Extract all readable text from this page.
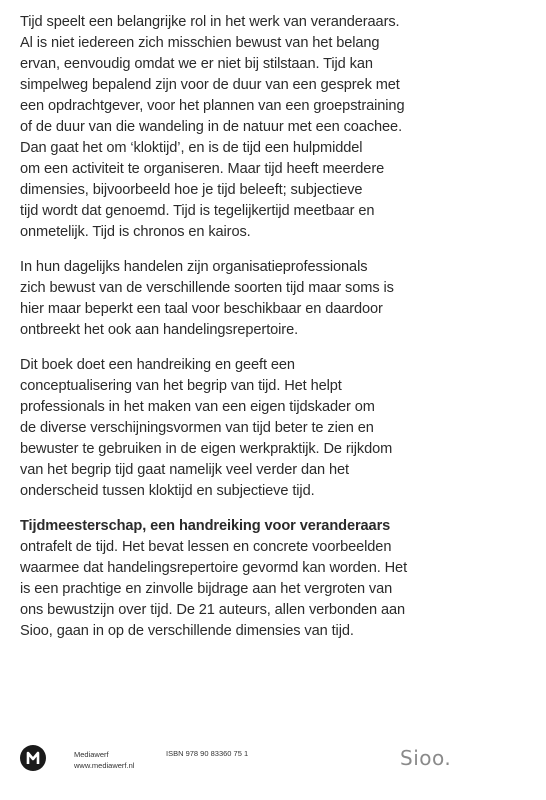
Tijd speelt een belangrijke rol in het werk van veranderaars.
Al is niet iedereen zich misschien bewust van het belang
ervan, eenvoudig omdat we er niet bij stilstaan. Tijd kan
simpelweg bepalend zijn voor de duur van een gesprek met
een opdrachtgever, voor het plannen van een groepstraining
of de duur van die wandeling in de natuur met een coachee.
Dan gaat het om ‘kloktijd’, en is de tijd een hulpmiddel
om een activiteit te organiseren. Maar tijd heeft meerdere
dimensies, bijvoorbeeld hoe je tijd beleeft; subjectieve
tijd wordt dat genoemd. Tijd is tegelijkertijd meetbaar en
onmetelijk. Tijd is chronos en kairos.

In hun dagelijks handelen zijn organisatieprofessionals
zich bewust van de verschillende soorten tijd maar soms is
hier maar beperkt een taal voor beschikbaar en daardoor
ontbreekt het ook aan handelingsrepertoire.

Dit boek doet een handreiking en geeft een
conceptualisering van het begrip van tijd. Het helpt
professionals in het maken van een eigen tijdskader om
de diverse verschijningsvormen van tijd beter te zien en
bewuster te gebruiken in de eigen werkpraktijk. De rijkdom
van het begrip tijd gaat namelijk veel verder dan het
onderscheid tussen kloktijd en subjectieve tijd.

Tijdmeesterschap, een handreiking voor veranderaars
ontrafelt de tijd. Het bevat lessen en concrete voorbeelden
waarmee dat handelingsrepertoire gevormd kan worden. Het
is een prachtige en zinvolle bijdrage aan het vergroten van
ons bewustzijn over tijd. De 21 auteurs, allen verbonden aan
Sioo, gaan in op de verschillende dimensies van tijd.

Mediawerf
www.mediawerf.nl
ISBN 978 90 83360 75 1	Sioo.
